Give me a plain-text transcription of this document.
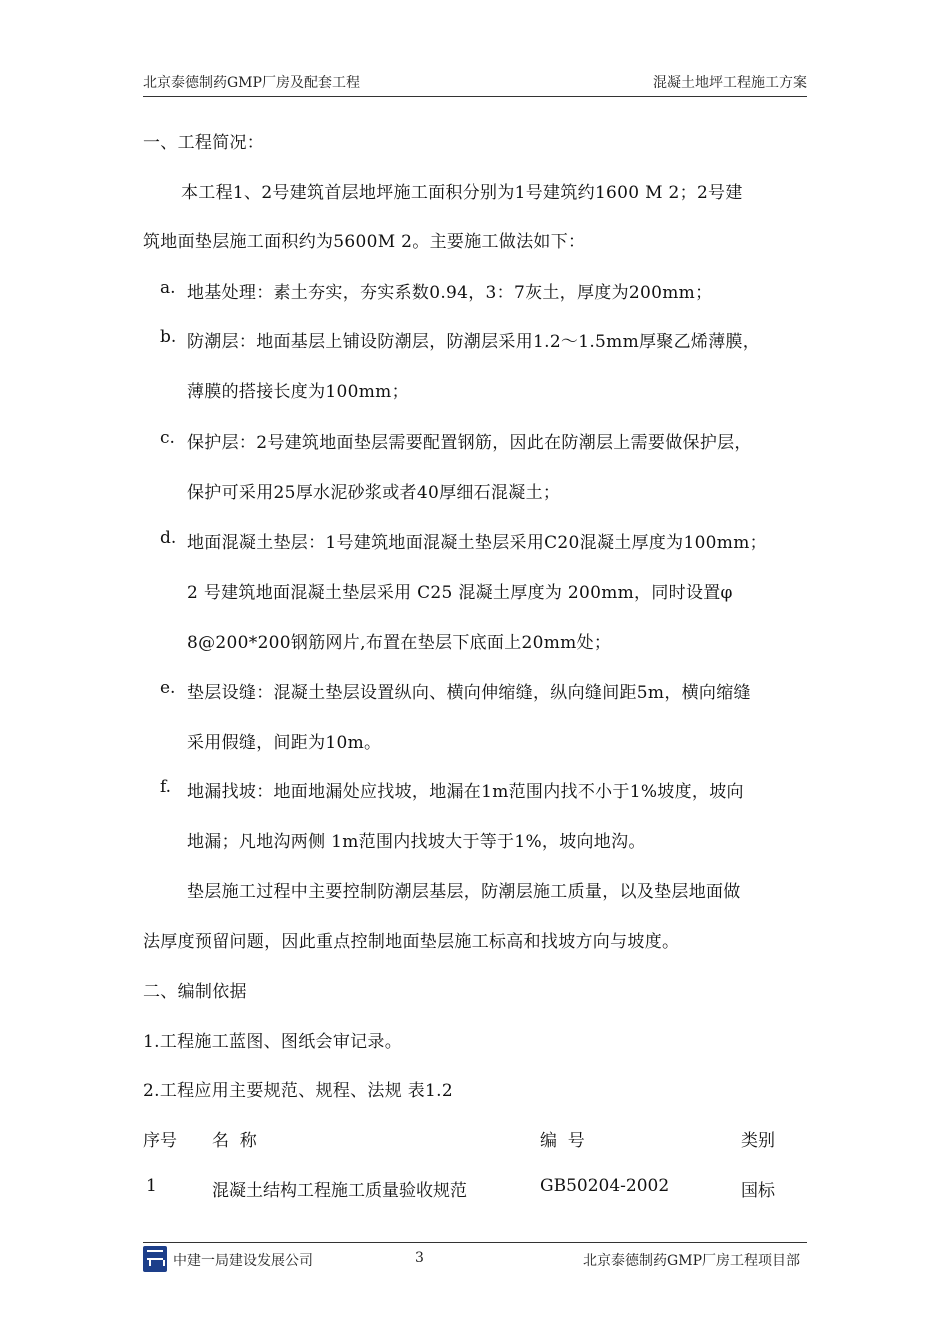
北京泰德制药GMP厂房及配套工程	混凝土地坪工程施工方案
一、工程简况：
本工程1、2号建筑首层地坪施工面积分别为1号建筑约1600 M 2；2号建
筑地面垫层施工面积约为5600M 2。主要施工做法如下：
a. 地基处理：素土夯实，夯实系数0.94，3：7灰土，厚度为200mm；
b. 防潮层：地面基层上铺设防潮层，防潮层采用1.2～1.5mm厚聚乙烯薄膜，
薄膜的搭接长度为100mm；
c. 保护层：2号建筑地面垫层需要配置钢筋，因此在防潮层上需要做保护层，
保护可采用25厚水泥砂浆或者40厚细石混凝土；
d. 地面混凝土垫层：1号建筑地面混凝土垫层采用C20混凝土厚度为100mm；
2 号建筑地面混凝土垫层采用 C25 混凝土厚度为 200mm，同时设置φ
8@200*200钢筋网片,布置在垫层下底面上20mm处；
e. 垫层设缝：混凝土垫层设置纵向、横向伸缩缝，纵向缝间距5m，横向缩缝
采用假缝，间距为10m。
f. 地漏找坡：地面地漏处应找坡，地漏在1m范围内找不小于1%坡度，坡向
地漏；凡地沟两侧 1m范围内找坡大于等于1%，坡向地沟。
垫层施工过程中主要控制防潮层基层，防潮层施工质量，以及垫层地面做
法厚度预留问题，因此重点控制地面垫层施工标高和找坡方向与坡度。
二、编制依据
1.工程施工蓝图、图纸会审记录。
2.工程应用主要规范、规程、法规 表1.2
序号 名  称	编  号	类别
1	混凝土结构工程施工质量验收规范	GB50204-2002	国标
中建一局建设发展公司	3	北京泰德制药GMP厂房工程项目部
